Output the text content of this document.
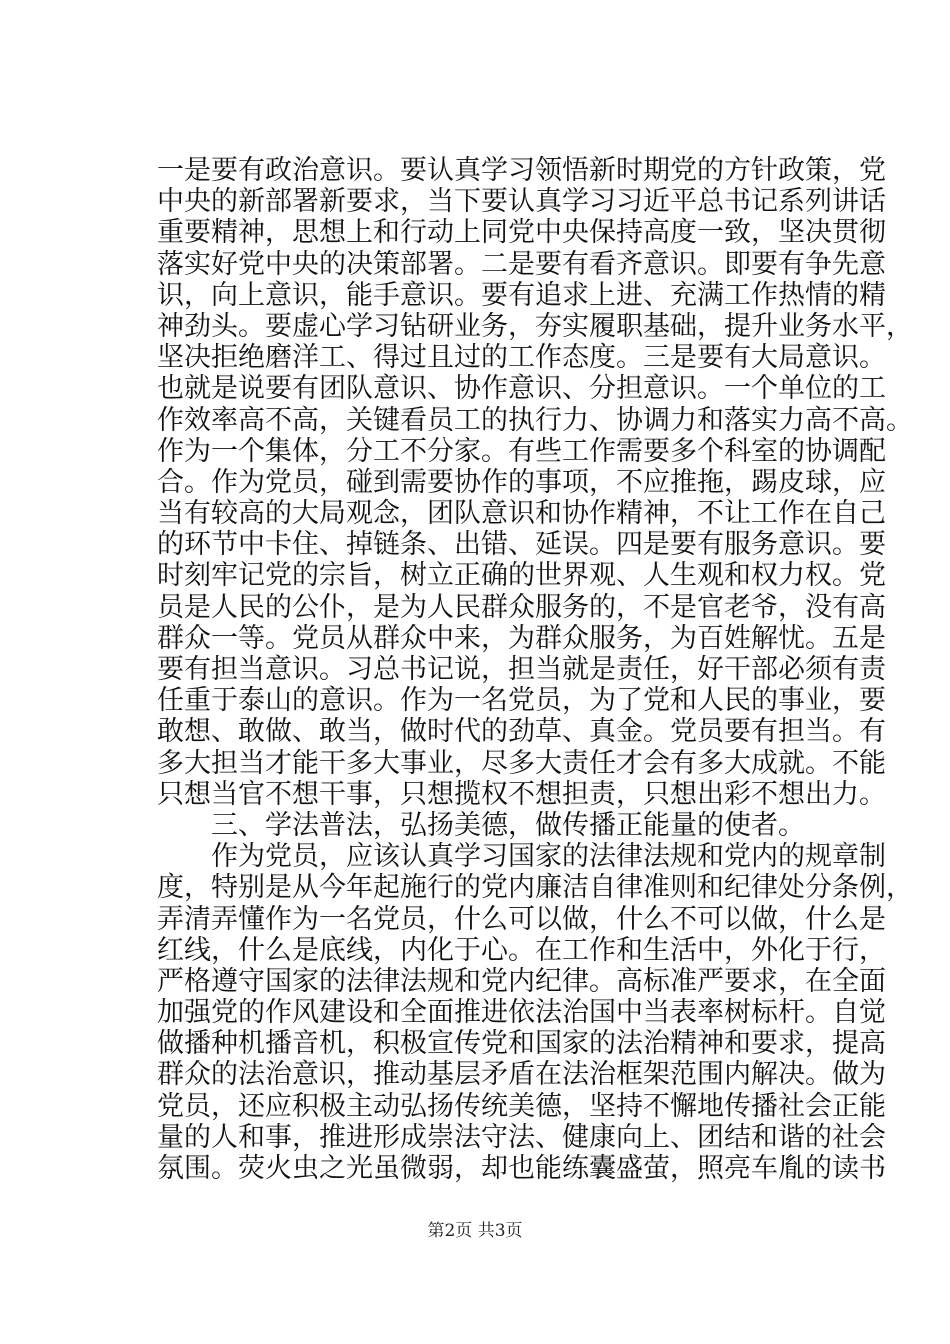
一是要有政治意识。要认真学习领悟新时期党的方针政策，党
中央的新部署新要求，当下要认真学习习近平总书记系列讲话
重要精神，思想上和行动上同党中央保持高度一致，坚决贯彻
落实好党中央的决策部署。二是要有看齐意识。即要有争先意
识，向上意识，能手意识。要有追求上进、充满工作热情的精
神劲头。要虚心学习钻研业务，夯实履职基础，提升业务水平，
坚决拒绝磨洋工、得过且过的工作态度。三是要有大局意识。
也就是说要有团队意识、协作意识、分担意识。一个单位的工
作效率高不高，关键看员工的执行力、协调力和落实力高不高。
作为一个集体，分工不分家。有些工作需要多个科室的协调配
合。作为党员，碰到需要协作的事项，不应推拖，踢皮球，应
当有较高的大局观念，团队意识和协作精神，不让工作在自己
的环节中卡住、掉链条、出错、延误。四是要有服务意识。要
时刻牢记党的宗旨，树立正确的世界观、人生观和权力权。党
员是人民的公仆，是为人民群众服务的，不是官老爷，没有高
群众一等。党员从群众中来，为群众服务，为百姓解忧。五是
要有担当意识。习总书记说，担当就是责任，好干部必须有责
任重于泰山的意识。作为一名党员，为了党和人民的事业，要
敢想、敢做、敢当，做时代的劲草、真金。党员要有担当。有
多大担当才能干多大事业，尽多大责任才会有多大成就。不能
只想当官不想干事，只想揽权不想担责，只想出彩不想出力。
　　三、学法普法，弘扬美德，做传播正能量的使者。
　　作为党员，应该认真学习国家的法律法规和党内的规章制
度，特别是从今年起施行的党内廉洁自律准则和纪律处分条例，
弄清弄懂作为一名党员，什么可以做，什么不可以做，什么是
红线，什么是底线，内化于心。在工作和生活中，外化于行，
严格遵守国家的法律法规和党内纪律。高标准严要求，在全面
加强党的作风建设和全面推进依法治国中当表率树标杆。自觉
做播种机播音机，积极宣传党和国家的法治精神和要求，提高
群众的法治意识，推动基层矛盾在法治框架范围内解决。做为
党员，还应积极主动弘扬传统美德，坚持不懈地传播社会正能
量的人和事，推进形成崇法守法、健康向上、团结和谐的社会
氛围。荧火虫之光虽微弱，却也能练囊盛萤，照亮车胤的读书
第2页 共3页
